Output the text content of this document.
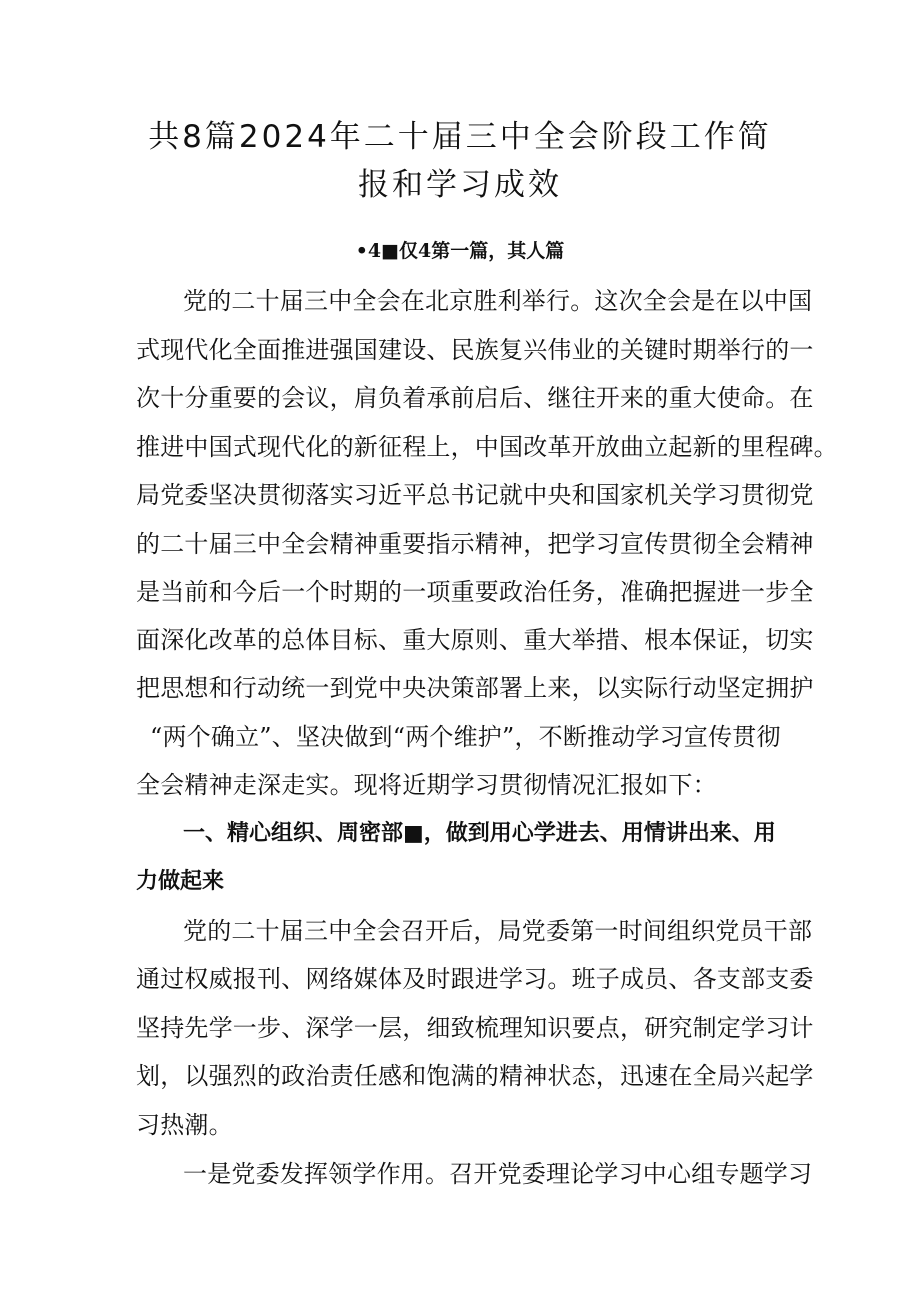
共8篇2024年二十届三中全会阶段工作简
报和学习成效
•4■仅4第一篇，其人篇
党的二十届三中全会在北京胜利举行。这次全会是在以中国
式现代化全面推进强国建设、民族复兴伟业的关键时期举行的一
次十分重要的会议，肩负着承前启后、继往开来的重大使命。在
推进中国式现代化的新征程上，中国改革开放曲立起新的里程碑。
局党委坚决贯彻落实习近平总书记就中央和国家机关学习贯彻党
的二十届三中全会精神重要指示精神，把学习宣传贯彻全会精神
是当前和今后一个时期的一项重要政治任务，准确把握进一步全
面深化改革的总体目标、重大原则、重大举措、根本保证，切实
把思想和行动统一到党中央决策部署上来，以实际行动坚定拥护
“两个确立”、坚决做到“两个维护”，不断推动学习宣传贯彻
全会精神走深走实。现将近期学习贯彻情况汇报如下：
一、精心组织、周密部■，做到用心学进去、用情讲出来、用
力做起来
党的二十届三中全会召开后，局党委第一时间组织党员干部
通过权威报刊、网络媒体及时跟进学习。班子成员、各支部支委
坚持先学一步、深学一层，细致梳理知识要点，研究制定学习计
划，以强烈的政治责任感和饱满的精神状态，迅速在全局兴起学
习热潮。
一是党委发挥领学作用。召开党委理论学习中心组专题学习
